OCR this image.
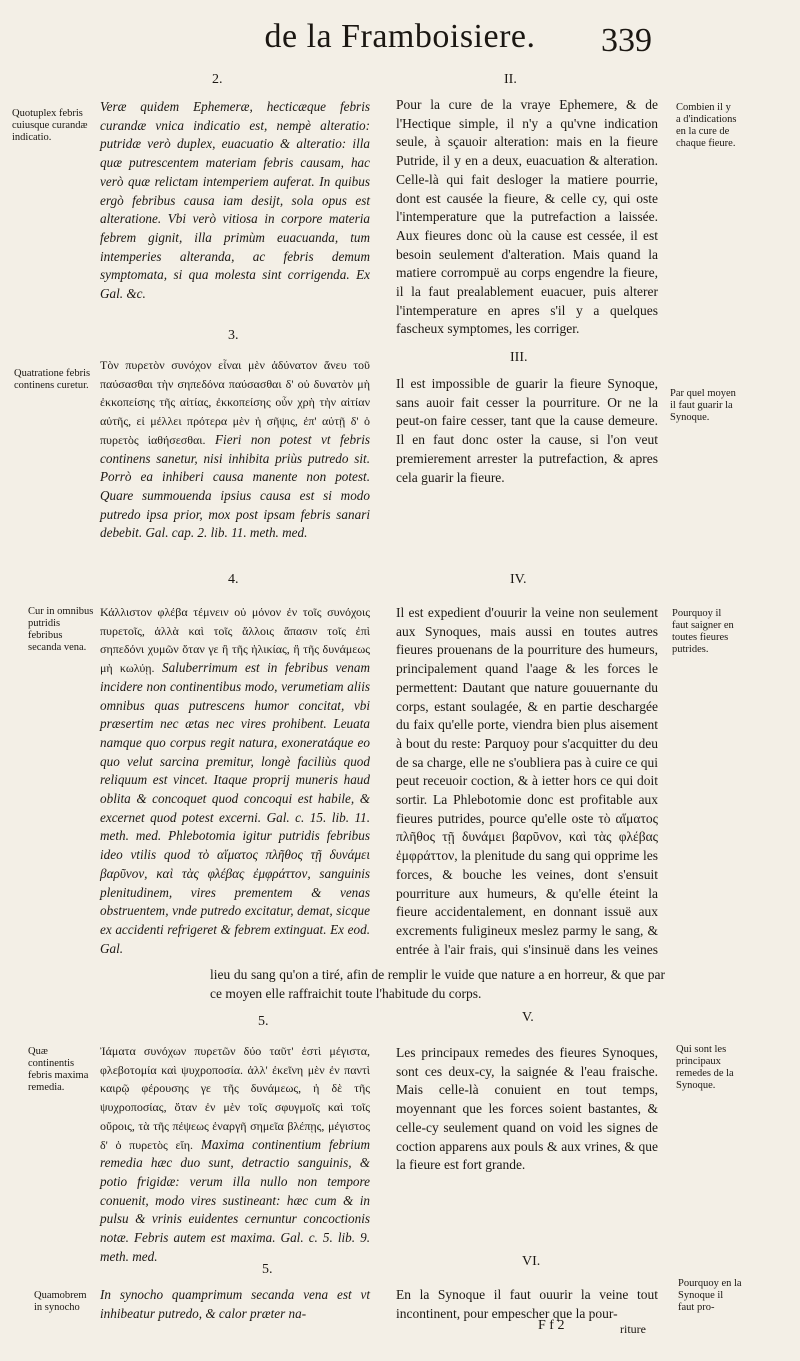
de la Framboisiere.	339
2.	II.
Quotuplex febris cuiusque curandæ indicatio.
Veræ quidem Ephemeræ, hecticæque febris curandæ vnica indicatio est, nempè alteratio: putridæ verò duplex, euacuatio & alteratio: illa quæ putrescentem materiam febris causam, hac verò quæ relictam intemperiem auferat. In quibus ergò febribus causa iam desijt, sola opus est alteratione. Vbi verò vitiosa in corpore materia febrem gignit, illa primùm euacuanda, tum intemperies alteranda, ac febris demum symptomata, si qua molesta sint corrigenda. Ex Gal. &c.
Pour la cure de la vraye Ephemere, & de l'Hectique simple, il n'y a qu'vne indication seule, à sçauoir alteration: mais en la fieure Putride, il y en a deux, euacuation & alteration. Celle-là qui fait desloger la matiere pourrie, dont est causée la fieure, & celle cy, qui oste l'intemperature que la putrefaction a laissée. Aux fieures donc où la cause est cessée, il est besoin seulement d'alteration. Mais quand la matiere corrompuë au corps engendre la fieure, il la faut prealablement euacuer, puis alterer l'intemperature en apres s'il y a quelques fascheux symptomes, les corriger.
Combien il y a d'indications en la cure de chaque fieure.
3.
III.
Quatratione febris continens curetur.
Τὸν πυρετὸν συνόχον εἶναι μὲν ἀδύνατον ἄνευ τοῦ παύσασθαι τὴν σηπεδόνα παύσασθαι δ' οὐ δυνατὸν μὴ ἐκκοπείσης τῆς αἰτίας, ἐκκοπείσης οὖν χρὴ τὴν αἰτίαν αὐτῆς, εἰ μέλλει πρότερα μὲν ἡ σῆψις, ἐπ' αὐτῇ δ' ὁ πυρετὸς ἰαθήσεσθαι. Fieri non potest vt febris continens sanetur, nisi inhibita priùs putredo sit. Porrò ea inhiberi causa manente non potest. Quare summouenda ipsius causa est si modo putredo ipsa prior, mox post ipsam febris sanari debebit. Gal. cap. 2. lib. 11. meth. med.
Il est impossible de guarir la fieure Synoque, sans auoir fait cesser la pourriture. Or ne la peut-on faire cesser, tant que la cause demeure. Il en faut donc oster la cause, si l'on veut premierement arrester la putrefaction, & apres cela guarir la fieure.
Par quel moyen il faut guarir la Synoque.
4.	IV.
Cur in omnibus putridis febribus secanda vena.
Κάλλιστον φλέβα τέμνειν οὐ μόνον ἐν τοῖς συνόχοις πυρετοῖς, ἀλλὰ καὶ τοῖς ἄλλοις ἅπασιν τοῖς ἐπὶ σηπεδόνι χυμῶν ὅταν γε ἢ τῆς ἡλικίας, ἢ τῆς δυνάμεως μὴ κωλύῃ. Saluberrimum est in febribus venam incidere non continentibus modo, verumetiam aliis omnibus quas putrescens humor concitat, vbi præsertim nec ætas nec vires prohibent. Leuata namque quo corpus regit natura, exoneratáque eo quo velut sarcina premitur, longè faciliùs quod reliquum est vincet. Itaque proprij muneris haud oblita & concoquet quod concoqui est habile, & excernet quod potest excerni. Gal. c. 15. lib. 11. meth. med. Phlebotomia igitur putridis febribus ideo vtilis quod τὸ αἵματος πλῆθος τῇ δυνάμει βαρῦνον, καὶ τὰς φλέβας ἐμφράττον, sanguinis plenitudinem, vires prementem & venas obstruentem, vnde putredo excitatur, demat, sicque ex accidenti refrigeret & febrem extinguat. Ex eod. Gal.
Il est expedient d'ouurir la veine non seulement aux Synoques, mais aussi en toutes autres fieures prouenans de la pourriture des humeurs, principalement quand l'aage & les forces le permettent: Dautant que nature gouuernante du corps, estant soulagée, & en partie deschargée du faix qu'elle porte, viendra bien plus aisement à bout du reste: Parquoy pour s'acquitter du deu de sa charge, elle ne s'oubliera pas à cuire ce qui peut receuoir coction, & à ietter hors ce qui doit sortir. La Phlebotomie donc est profitable aux fieures putrides, pource qu'elle oste τὸ αἵματος πλῆθος τῇ δυνάμει βαρῦνον, καὶ τὰς φλέβας ἐμφράττον, la plenitude du sang qui opprime les forces, & bouche les veines, dont s'ensuit pourriture aux humeurs, & qu'elle éteint la fieure accidentalement, en donnant issuë aux excrements fuligineux meslez parmy le sang, & entrée à l'air frais, qui s'insinuë dans les veines
Pourquoy il faut saigner en toutes fieures putrides.
lieu du sang qu'on a tiré, afin de remplir le vuide que nature a en horreur, & que par ce moyen elle raffraichit toute l'habitude du corps.
5.	V.
Quæ continentis febris maxima remedia.
Ἰάματα συνόχων πυρετῶν δύο ταῦτ' ἐστὶ μέγιστα, φλεβοτομία καὶ ψυχροποσία. ἀλλ' ἐκεῖνη μὲν ἐν παντὶ καιρῷ φέρουσης γε τῆς δυνάμεως, ἡ δὲ τῆς ψυχροποσίας, ὅταν ἐν μὲν τοῖς σφυγμοῖς καὶ τοῖς οὔροις, τὰ τῆς πέψεως ἐναργῆ σημεῖα βλέπῃς, μέγιστος δ' ὁ πυρετὸς εἴη. Maxima continentium febrium remedia hæc duo sunt, detractio sanguinis, & potio frigidæ: verum illa nullo non tempore conuenit, modo vires sustineant: hæc cum & in pulsu & vrinis euidentes cernuntur concoctionis notæ. Febris autem est maxima. Gal. c. 5. lib. 9. meth. med.
Les principaux remedes des fieures Synoques, sont ces deux-cy, la saignée & l'eau fraische. Mais celle-là conuient en tout temps, moyennant que les forces soient bastantes, & celle-cy seulement quand on void les signes de coction apparens aux pouls & aux vrines, & que la fieure est fort grande.
Qui sont les principaux remedes de la Synoque.
5.
VI.
Quamobrem in synocho
In synocho quamprimum secanda vena est vt inhibeatur putredo, & calor præter na-
En la Synoque il faut ouurir la veine tout incontinent, pour empescher que la pour-
Pourquoy en la Synoque il faut pro-
F f 2	riture
